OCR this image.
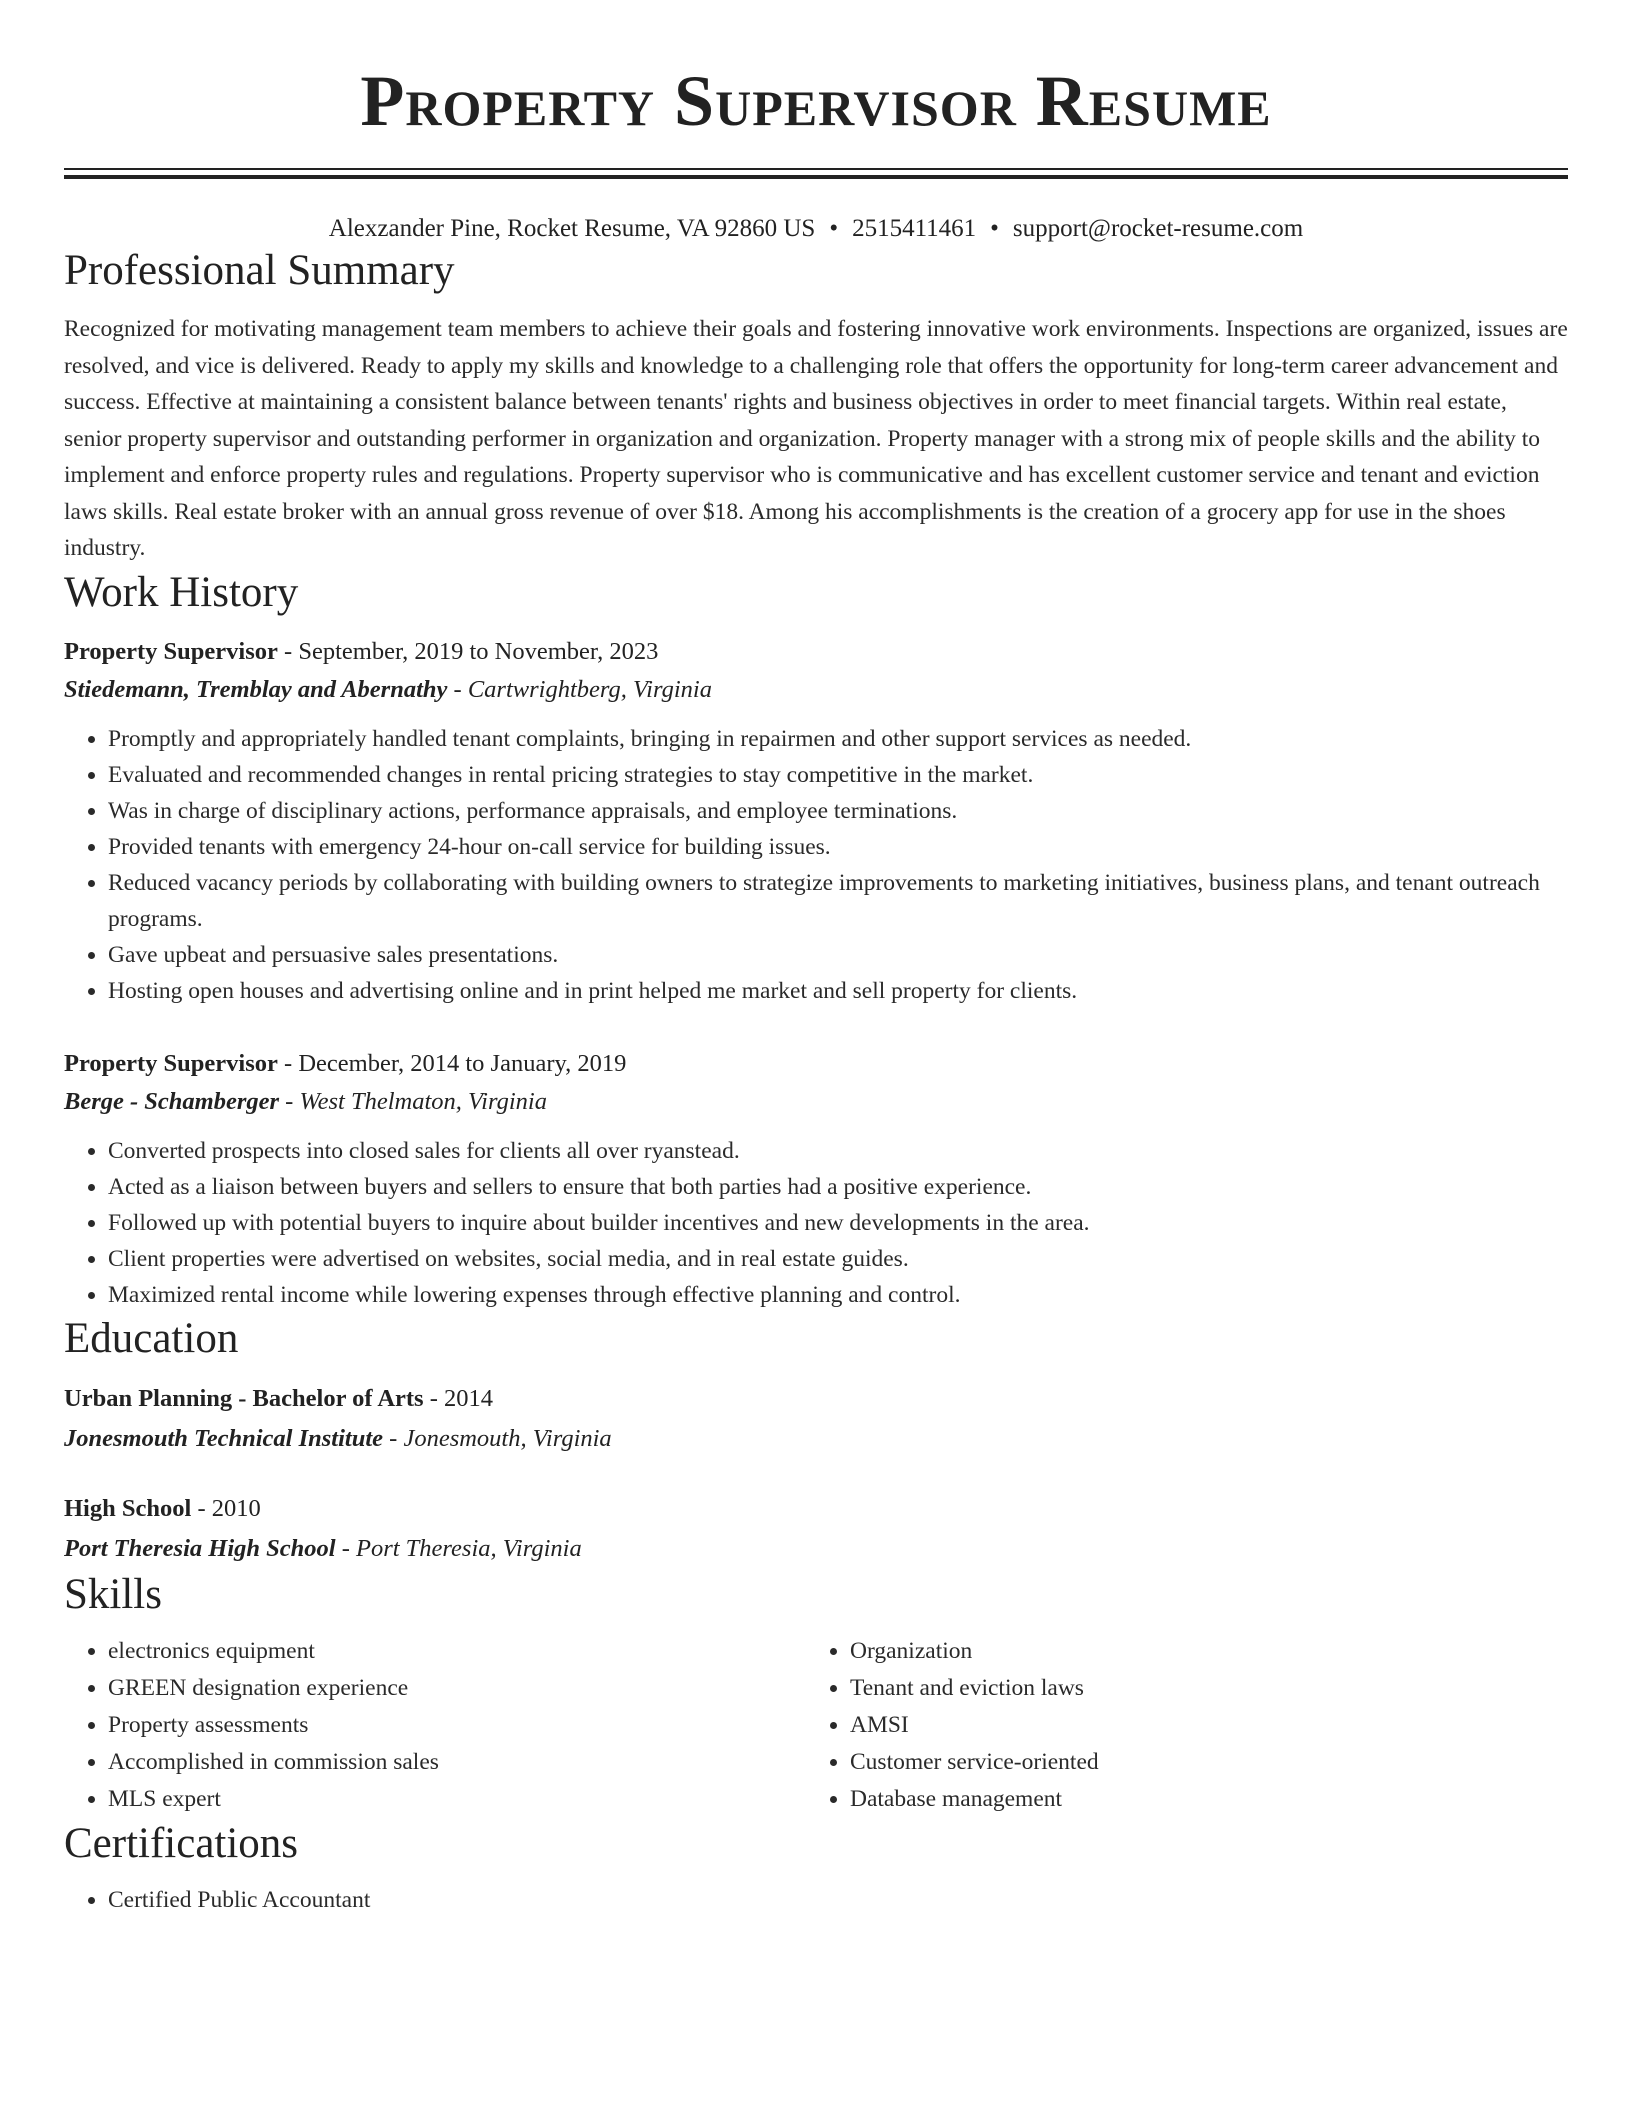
Property Supervisor Resume
Alexzander Pine, Rocket Resume, VA 92860 US • 2515411461 • support@rocket-resume.com
Professional Summary

Recognized for motivating management team members to achieve their goals and fostering innovative work environments. Inspections are organized, issues are resolved, and vice is delivered. Ready to apply my skills and knowledge to a challenging role that offers the opportunity for long-term career advancement and success. Effective at maintaining a consistent balance between tenants' rights and business objectives in order to meet financial targets. Within real estate, senior property supervisor and outstanding performer in organization and organization. Property manager with a strong mix of people skills and the ability to implement and enforce property rules and regulations. Property supervisor who is communicative and has excellent customer service and tenant and eviction laws skills. Real estate broker with an annual gross revenue of over $18. Among his accomplishments is the creation of a grocery app for use in the shoes industry.

Work History
Property Supervisor - September, 2019 to November, 2023
Stiedemann, Tremblay and Abernathy - Cartwrightberg, Virginia
• Promptly and appropriately handled tenant complaints, bringing in repairmen and other support services as needed.
• Evaluated and recommended changes in rental pricing strategies to stay competitive in the market.
• Was in charge of disciplinary actions, performance appraisals, and employee terminations.
• Provided tenants with emergency 24-hour on-call service for building issues.
• Reduced vacancy periods by collaborating with building owners to strategize improvements to marketing initiatives, business plans, and tenant outreach programs.
• Gave upbeat and persuasive sales presentations.
• Hosting open houses and advertising online and in print helped me market and sell property for clients.
Property Supervisor - December, 2014 to January, 2019
Berge - Schamberger - West Thelmaton, Virginia
• Converted prospects into closed sales for clients all over ryanstead.
• Acted as a liaison between buyers and sellers to ensure that both parties had a positive experience.
• Followed up with potential buyers to inquire about builder incentives and new developments in the area.
• Client properties were advertised on websites, social media, and in real estate guides.
• Maximized rental income while lowering expenses through effective planning and control.
Education
Urban Planning - Bachelor of Arts - 2014
Jonesmouth Technical Institute - Jonesmouth, Virginia
High School - 2010
Port Theresia High School - Port Theresia, Virginia
Skills
• electronics equipment
• GREEN designation experience
• Property assessments
• Accomplished in commission sales
• MLS expert
• Organization
• Tenant and eviction laws
• AMSI
• Customer service-oriented
• Database management
Certifications
• Certified Public Accountant
